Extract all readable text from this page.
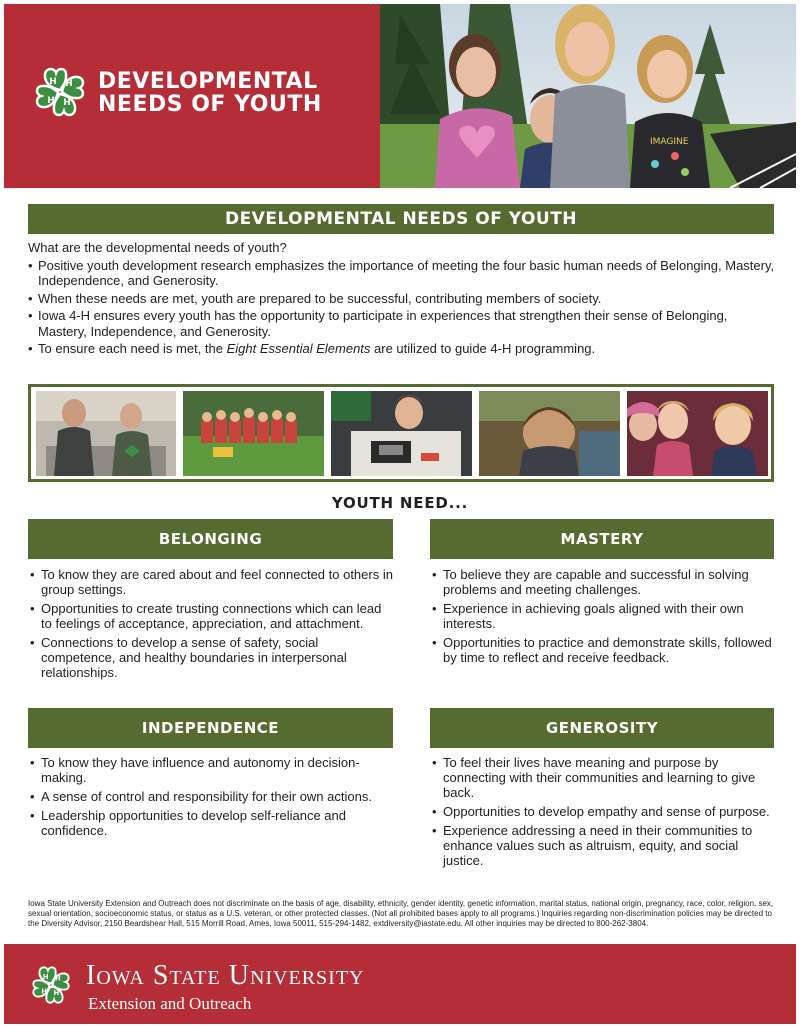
H H
H
H
DEVELOPMENTAL
NEEDS OF YOUTH
IMAGINE
DEVELOPMENTAL NEEDS OF YOUTH

What are the developmental needs of youth?

• Positive youth development research emphasizes the importance of meeting the four basic human needs of Belonging, Mastery, Independence, and Generosity.
• When these needs are met, youth are prepared to be successful, contributing members of society.
• Iowa 4-H ensures every youth has the opportunity to participate in experiences that strengthen their sense of Belonging, Mastery, Independence, and Generosity.
• To ensure each need is met, the Eight Essential Elements are utilized to guide 4-H programming.
YOUTH NEED...
BELONGING
• To know they are cared about and feel connected to others in group settings.
• Opportunities to create trusting connections which can lead to feelings of acceptance, appreciation, and attachment.
• Connections to develop a sense of safety, social competence, and healthy boundaries in interpersonal relationships.
MASTERY
• To believe they are capable and successful in solving problems and meeting challenges.
• Experience in achieving goals aligned with their own interests.
• Opportunities to practice and demonstrate skills, followed by time to reflect and receive feedback.
INDEPENDENCE
• To know they have influence and autonomy in decision-making.
• A sense of control and responsibility for their own actions.
• Leadership opportunities to develop self-reliance and confidence.
GENEROSITY
• To feel their lives have meaning and purpose by connecting with their communities and learning to give back.
• Opportunities to develop empathy and sense of purpose.
• Experience addressing a need in their communities to enhance values such as altruism, equity, and social justice.

Iowa State University Extension and Outreach does not discriminate on the basis of age, disability, ethnicity, gender identity, genetic information, marital status, national origin, pregnancy, race, color, religion, sex, sexual orientation, socioeconomic status, or status as a U.S. veteran, or other protected classes. (Not all prohibited bases apply to all programs.) Inquiries regarding non-discrimination policies may be directed to the Diversity Advisor, 2150 Beardshear Hall, 515 Morrill Road, Ames, Iowa 50011, 515-294-1482, extdiversity@iastate.edu. All other inquiries may be directed to 800-262-3804.

H H
H
H
Iowa State University
Extension and Outreach
